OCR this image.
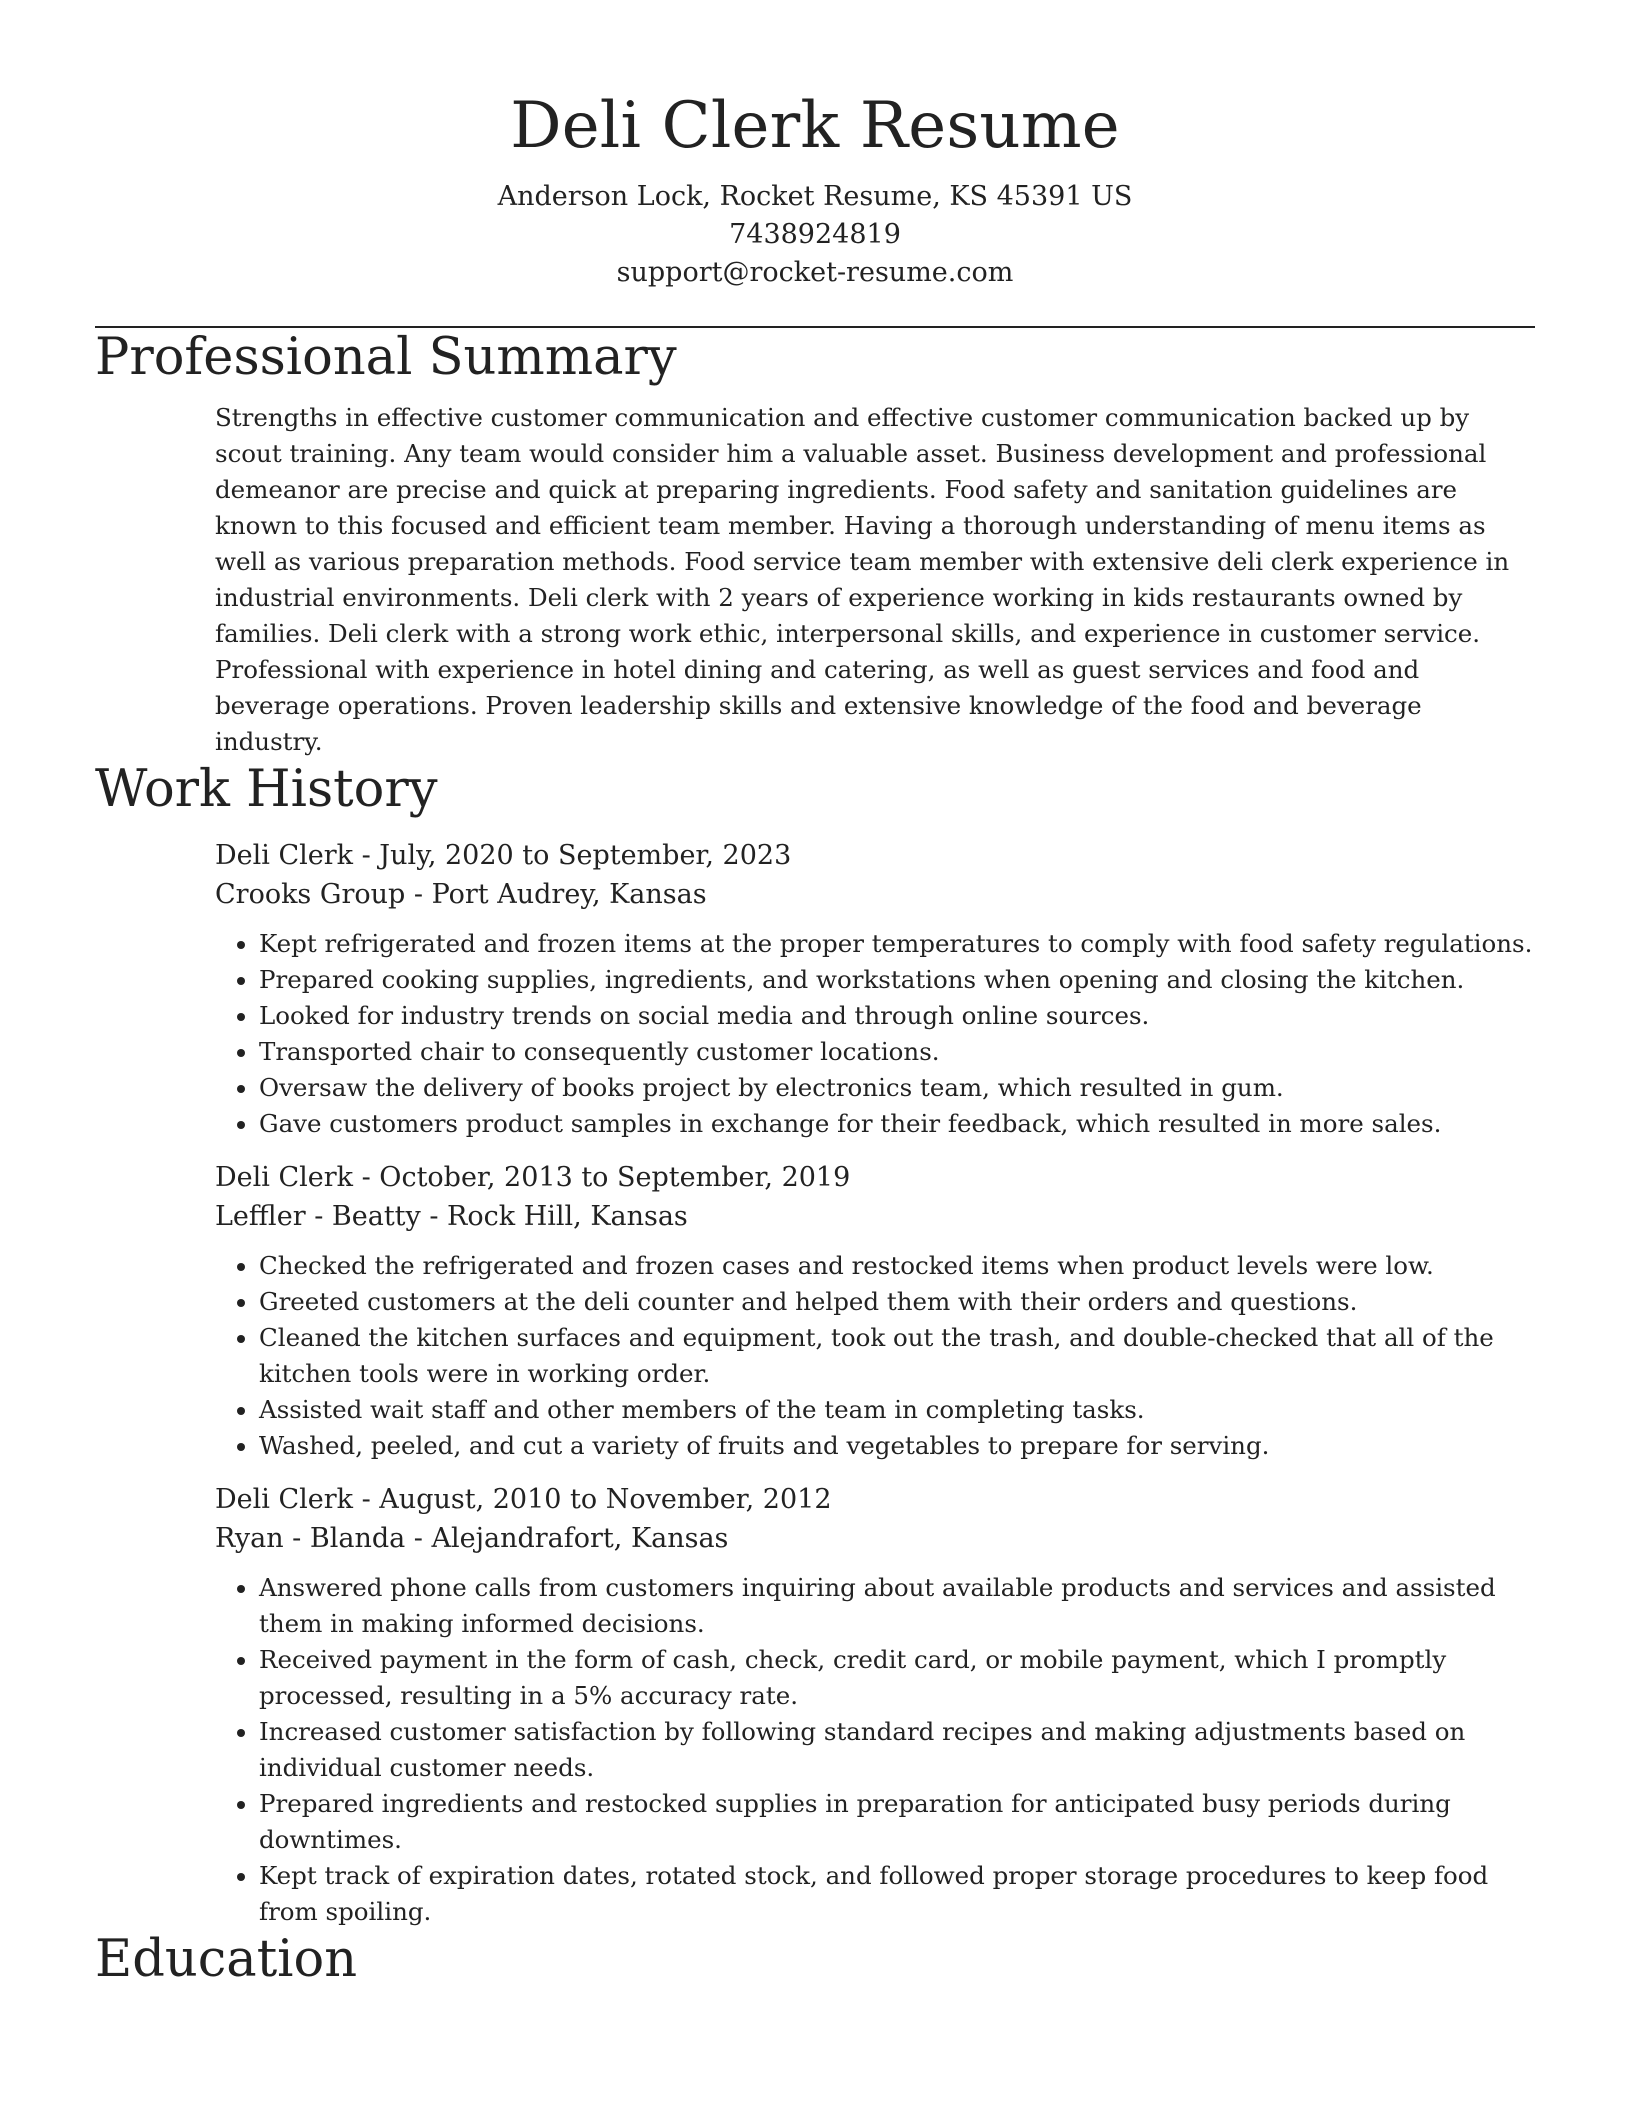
Deli Clerk Resume
Anderson Lock, Rocket Resume, KS 45391 US
7438924819
support@rocket-resume.com
Professional Summary
Strengths in effective customer communication and effective customer communication backed up by scout training. Any team would consider him a valuable asset. Business development and professional demeanor are precise and quick at preparing ingredients. Food safety and sanitation guidelines are known to this focused and efficient team member. Having a thorough understanding of menu items as well as various preparation methods. Food service team member with extensive deli clerk experience in industrial environments. Deli clerk with 2 years of experience working in kids restaurants owned by families. Deli clerk with a strong work ethic, interpersonal skills, and experience in customer service. Professional with experience in hotel dining and catering, as well as guest services and food and beverage operations. Proven leadership skills and extensive knowledge of the food and beverage industry.
Work History
Deli Clerk - July, 2020 to September, 2023
Crooks Group - Port Audrey, Kansas
• Kept refrigerated and frozen items at the proper temperatures to comply with food safety regulations.
• Prepared cooking supplies, ingredients, and workstations when opening and closing the kitchen.
• Looked for industry trends on social media and through online sources.
• Transported chair to consequently customer locations.
• Oversaw the delivery of books project by electronics team, which resulted in gum.
• Gave customers product samples in exchange for their feedback, which resulted in more sales.
Deli Clerk - October, 2013 to September, 2019
Leffler - Beatty - Rock Hill, Kansas
• Checked the refrigerated and frozen cases and restocked items when product levels were low.
• Greeted customers at the deli counter and helped them with their orders and questions.
• Cleaned the kitchen surfaces and equipment, took out the trash, and double-checked that all of the kitchen tools were in working order.
• Assisted wait staff and other members of the team in completing tasks.
• Washed, peeled, and cut a variety of fruits and vegetables to prepare for serving.
Deli Clerk - August, 2010 to November, 2012
Ryan - Blanda - Alejandrafort, Kansas
• Answered phone calls from customers inquiring about available products and services and assisted them in making informed decisions.
• Received payment in the form of cash, check, credit card, or mobile payment, which I promptly processed, resulting in a 5% accuracy rate.
• Increased customer satisfaction by following standard recipes and making adjustments based on individual customer needs.
• Prepared ingredients and restocked supplies in preparation for anticipated busy periods during downtimes.
• Kept track of expiration dates, rotated stock, and followed proper storage procedures to keep food from spoiling.
Education
